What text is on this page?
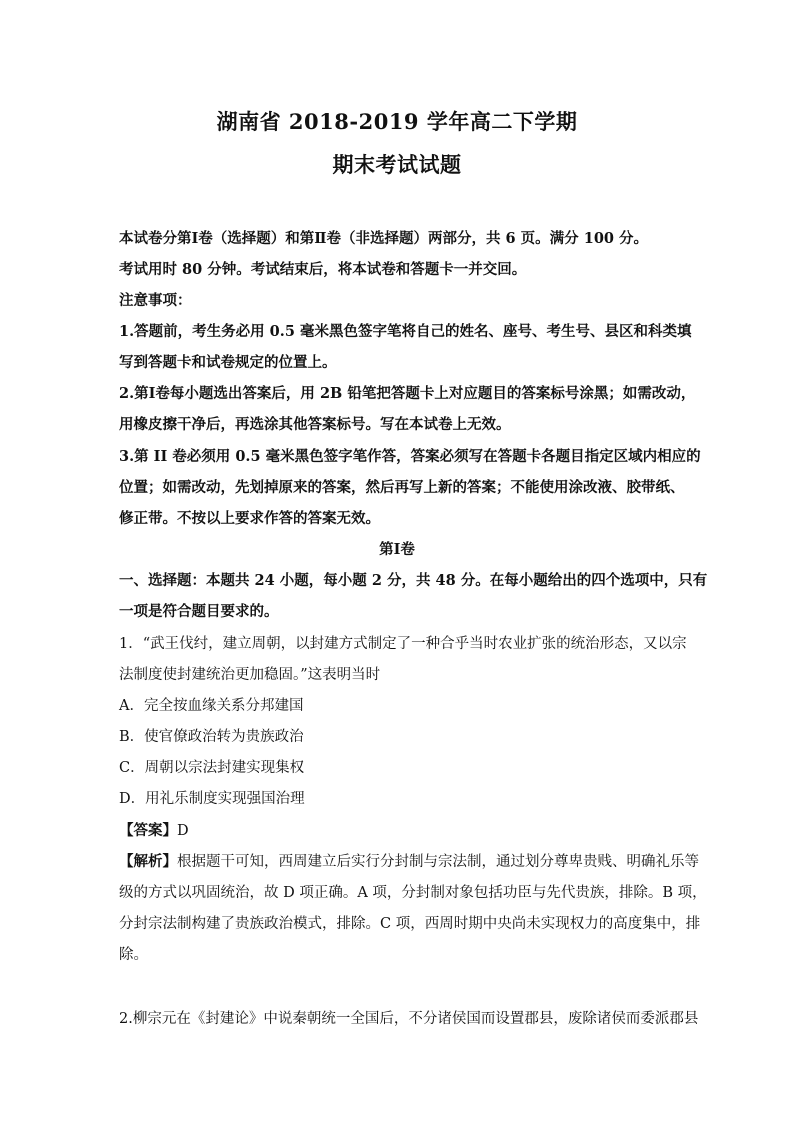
湖南省 2018-2019 学年高二下学期
期末考试试题
本试卷分第Ⅰ卷（选择题）和第Ⅱ卷（非选择题）两部分，共 6 页。满分 100 分。
考试用时 80 分钟。考试结束后，将本试卷和答题卡一并交回。
注意事项：
1.答题前，考生务必用 0.5 毫米黑色签字笔将自己的姓名、座号、考生号、县区和科类填
写到答题卡和试卷规定的位置上。
2.第Ⅰ卷每小题选出答案后，用 2B 铅笔把答题卡上对应题目的答案标号涂黑；如需改动，
用橡皮擦干净后，再选涂其他答案标号。写在本试卷上无效。
3.第 II 卷必须用 0.5 毫米黑色签字笔作答，答案必须写在答题卡各题目指定区域内相应的
位置；如需改动，先划掉原来的答案，然后再写上新的答案；不能使用涂改液、胶带纸、
修正带。不按以上要求作答的答案无效。
第Ⅰ卷
一、选择题：本题共 24 小题，每小题 2 分，共 48 分。在每小题给出的四个选项中，只有
一项是符合题目要求的。
1．“武王伐纣，建立周朝，以封建方式制定了一种合乎当时农业扩张的统治形态，又以宗
法制度使封建统治更加稳固。”这表明当时
A．完全按血缘关系分邦建国
B．使官僚政治转为贵族政治
C．周朝以宗法封建实现集权
D．用礼乐制度实现强国治理
【答案】D
【解析】根据题干可知，西周建立后实行分封制与宗法制，通过划分尊卑贵贱、明确礼乐等
级的方式以巩固统治，故 D 项正确。A 项，分封制对象包括功臣与先代贵族，排除。B 项，
分封宗法制构建了贵族政治模式，排除。C 项，西周时期中央尚未实现权力的高度集中，排
除。
2.柳宗元在《封建论》中说秦朝统一全国后，不分诸侯国而设置郡县，废除诸侯而委派郡县
